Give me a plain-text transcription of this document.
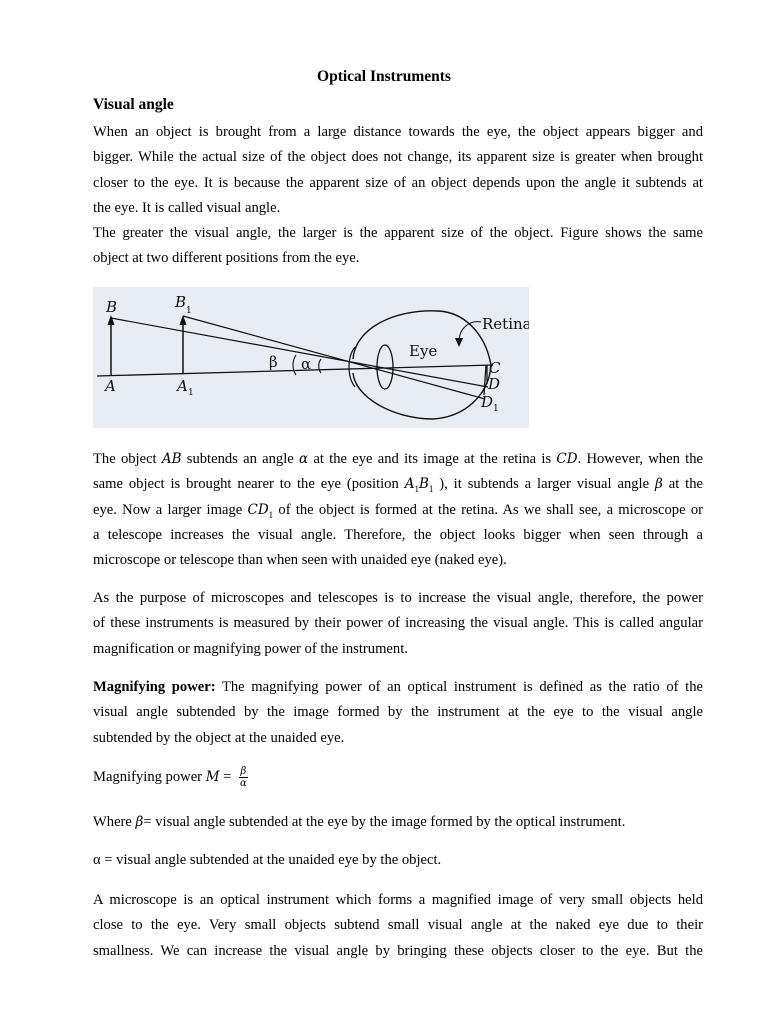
Optical Instruments
Visual angle
When an object is brought from a large distance towards the eye, the object appears bigger and
bigger. While the actual size of the object does not change, its apparent size is greater when brought
closer to the eye. It is because the apparent size of an object depends upon the angle it subtends at
the eye. It is called visual angle.
The greater the visual angle, the larger is the apparent size of the object. Figure shows the same
object at two different positions from the eye.
B	B 1
A	A 1
β α
Eye
Retina
C
D
D 1
The object AB subtends an angle α at the eye and its image at the retina is CD. However, when the
same object is brought nearer to the eye (position $A_1B_1$ ), it subtends a larger visual angle β at the
eye. Now a larger image $CD_1$ of the object is formed at the retina. As we shall see, a microscope or
a telescope increases the visual angle. Therefore, the object looks bigger when seen through a
microscope or telescope than when seen with unaided eye (naked eye).
As the purpose of microscopes and telescopes is to increase the visual angle, therefore, the power
of these instruments is measured by their power of increasing the visual angle. This is called angular
magnification or magnifying power of the instrument.
Magnifying power: The magnifying power of an optical instrument is defined as the ratio of the
visual angle subtended by the image formed by the instrument at the eye to the visual angle
subtended by the object at the unaided eye.
Magnifying power $M = \frac{\beta}{\alpha}$
Where β= visual angle subtended at the eye by the image formed by the optical instrument.
α = visual angle subtended at the unaided eye by the object.
A microscope is an optical instrument which forms a magnified image of very small objects held
close to the eye. Very small objects subtend small visual angle at the naked eye due to their
smallness. We can increase the visual angle by bringing these objects closer to the eye. But the
